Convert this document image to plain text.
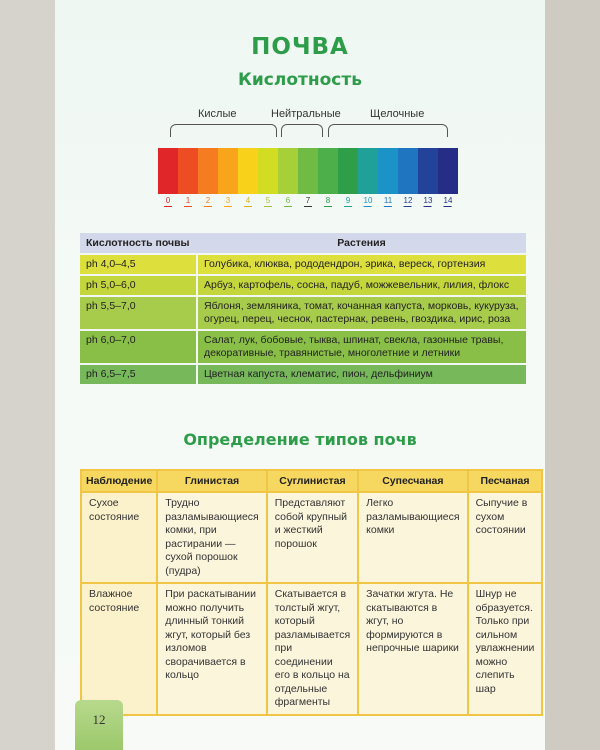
ПОЧВА
Кислотность
Кислые	Нейтральные	Щелочные
0 1 2 3 4 5 6 7 8 9 10 11 12 13 14
Кислотность почвы	Растения
ph 4,0–4,5	Голубика, клюква, рододендрон, эрика, вереск, гортензия
ph 5,0–6,0	Арбуз, картофель, сосна, падуб, можжевельник, лилия, флокс
ph 5,5–7,0	Яблоня, земляника, томат, кочанная капуста, морковь, кукуруза, огурец, перец, чеснок, пастернак, ревень, гвоздика, ирис, роза
ph 6,0–7,0	Салат, лук, бобовые, тыква, шпинат, свекла, газонные травы, декоративные, травянистые, многолетние и летники
ph 6,5–7,5	Цветная капуста, клематис, пион, дельфиниум
Определение типов почв
Наблюдение	Глинистая	Суглинистая	Супесчаная	Песчаная
Сухое состояние	Трудно разламывающиеся комки, при растирании — сухой порошок (пудра)	Представляют собой крупный и жесткий порошок	Легко разламывающиеся комки	Сыпучие в сухом состоянии
Влажное состояние	При раскатывании можно получить длинный тонкий жгут, который без изломов сворачивается в кольцо	Скатывается в толстый жгут, который разламывается при соединении его в кольцо на отдельные фрагменты	Зачатки жгута. Не скатываются в жгут, но формируются в непрочные шарики	Шнур не образуется. Только при сильном увлажнении можно слепить шар
12
